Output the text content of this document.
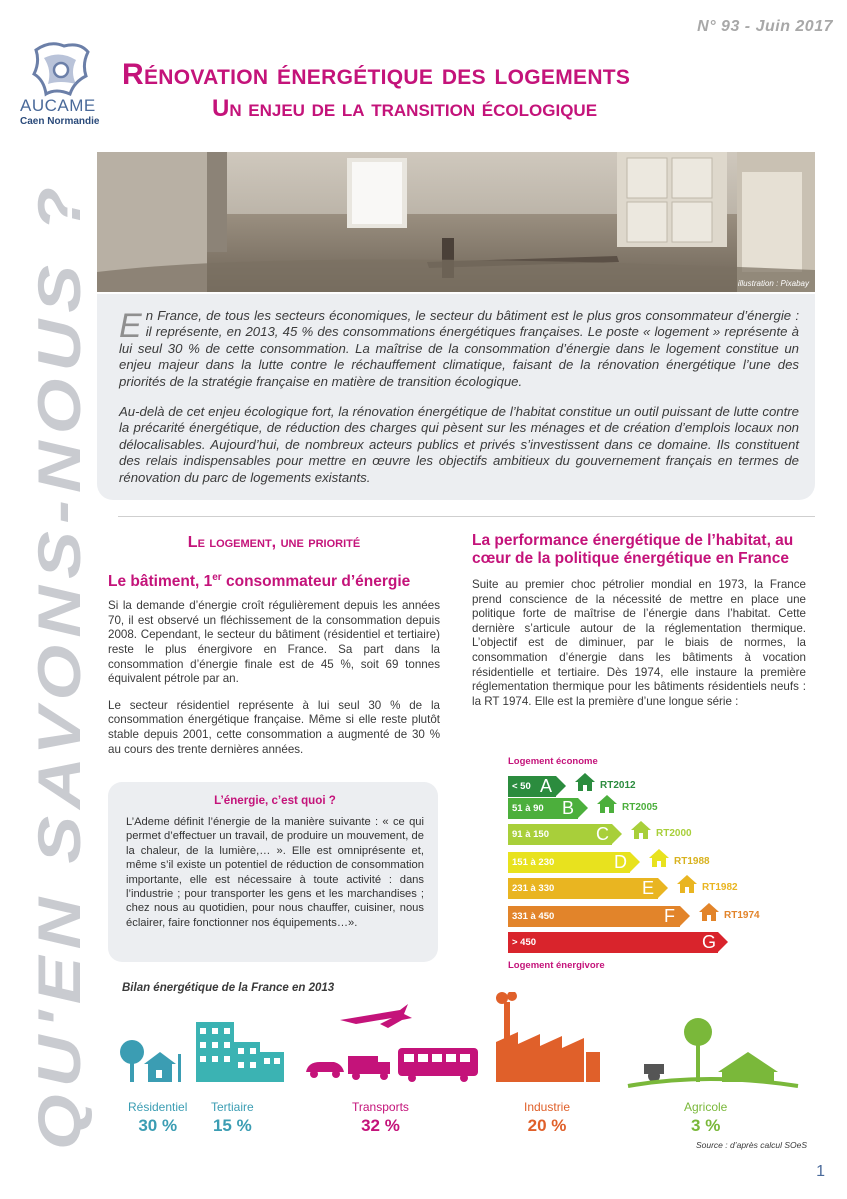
N° 93 - Juin 2017
AUCAME
Caen Normandie
Rénovation énergétique des logements
Un enjeu de la transition écologique
QU'EN SAVONS-NOUS ?
illustration : Pixabay

En France, de tous les secteurs économiques, le secteur du bâtiment est le plus gros consommateur d’énergie : il représente, en 2013, 45 % des consommations énergétiques françaises. Le poste « logement » représente à lui seul 30 % de cette consommation. La maîtrise de la consommation d’énergie dans le logement constitue un enjeu majeur dans la lutte contre le réchauffement climatique, faisant de la rénovation énergétique l’une des priorités de la stratégie française en matière de transition écologique.

Au-delà de cet enjeu écologique fort, la rénovation énergétique de l’habitat constitue un outil puissant de lutte contre la précarité énergétique, de réduction des charges qui pèsent sur les ménages et de création d’emplois locaux non délocalisables. Aujourd’hui, de nombreux acteurs publics et privés s’investissent dans ce domaine. Ils constituent des relais indispensables pour mettre en œuvre les objectifs ambitieux du gouvernement français en termes de rénovation du parc de logements existants.

Le logement, une priorité
Le bâtiment, 1er consommateur d’énergie

Si la demande d’énergie croît régulièrement depuis les années 70, il est observé un fléchissement de la consommation depuis 2008. Cependant, le secteur du bâtiment (résidentiel et tertiaire) reste le plus énergivore en France. Sa part dans la consommation d’énergie finale est de 45 %, soit 69 tonnes équivalent pétrole par an.

Le secteur résidentiel représente à lui seul 30 % de la consommation énergétique française. Même si elle reste plutôt stable depuis 2001, cette consommation a augmenté de 30 % au cours des trente dernières années.

L’énergie, c’est quoi ?
L’Ademe définit l’énergie de la manière suivante : « ce qui permet d’effectuer un travail, de produire un mouvement, de la chaleur, de la lumière,… ». Elle est omniprésente et, même s’il existe un potentiel de réduction de consommation importante, elle est nécessaire à toute activité : dans l’industrie ; pour transporter les gens et les marchandises ; chez nous au quotidien, pour nous chauffer, cuisiner, nous éclairer, faire fonctionner nos équipements…».
La performance énergétique de l’habitat, au cœur de la politique énergétique en France

Suite au premier choc pétrolier mondial en 1973, la France prend conscience de la nécessité de mettre en place une politique forte de maîtrise de l’énergie dans l’habitat. Cette dernière s’articule autour de la réglementation thermique. L’objectif est de diminuer, par le biais de normes, la consommation d’énergie dans les bâtiments à vocation résidentielle et tertiaire. Dès 1974, elle instaure la première réglementation thermique pour les bâtiments résidentiels neufs : la RT 1974. Elle est la première d’une longue série :

Logement économe
< 50 A	RT2012
51 à 90 B	RT2005
91 à 150	C	RT2000
151 à 230	D	RT1988
231 à 330	E	RT1982
331 à 450	F	RT1974
> 450	G
Logement énergivore
Bilan énergétique de la France en 2013
Résidentiel
30 %
Tertiaire
15 %
Transports
32 %
Industrie
20 %
Agricole
3 %
Source : d’après calcul SOeS
1
